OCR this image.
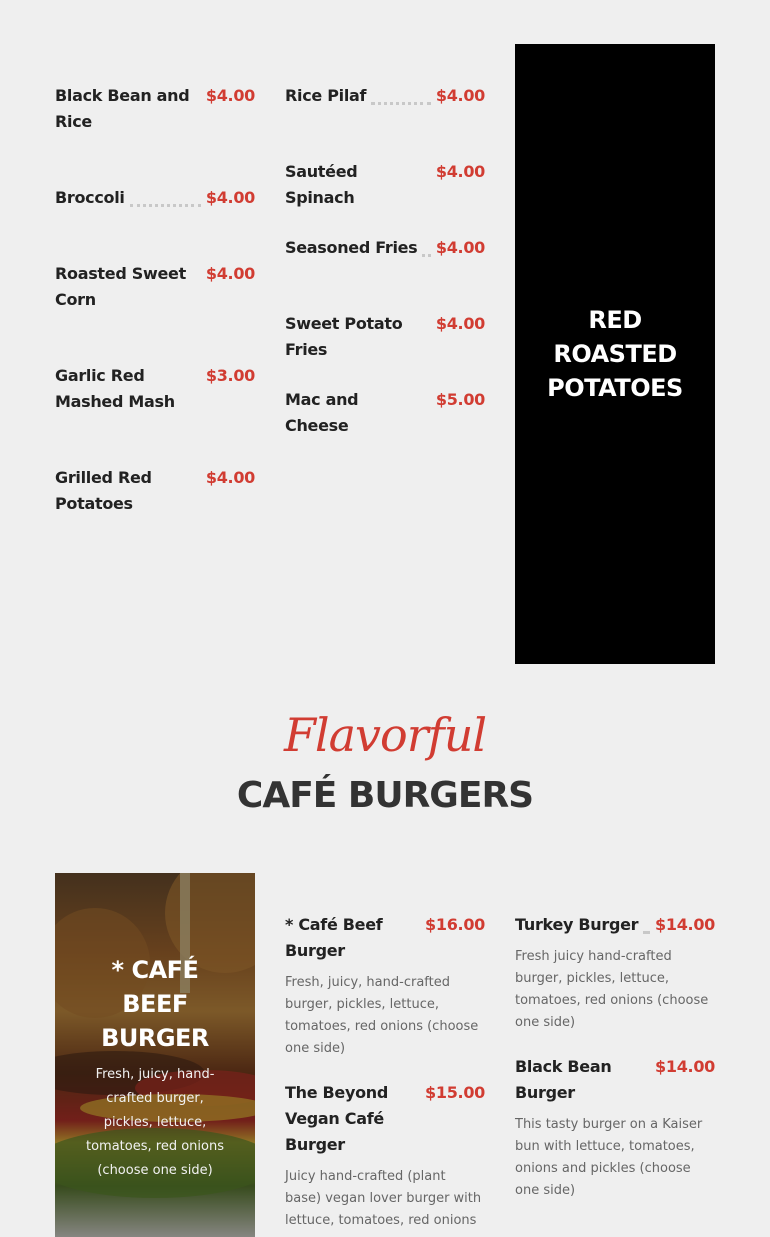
Black Bean and Rice
$4.00
Broccoli	$4.00
Roasted Sweet Corn
$4.00
Garlic Red Mashed Mash
$3.00
Grilled Red Potatoes
$4.00
Rice Pilaf	$4.00
Sautéed Spinach
$4.00
Seasoned Fries $4.00
Sweet Potato Fries
$4.00
Mac and Cheese
$5.00
RED ROASTED POTATOES
Flavorful
CAFÉ BURGERS
* CAFÉ BEEF BURGER
Fresh, juicy, hand-crafted burger, pickles, lettuce, tomatoes, red onions (choose one side)
* Café Beef Burger
$16.00
Fresh, juicy, hand-crafted burger, pickles, lettuce, tomatoes, red onions (choose one side)
The Beyond Vegan Café Burger
$15.00
Juicy hand-crafted (plant base) vegan lover burger with lettuce, tomatoes, red onions
Turkey Burger $14.00
Fresh juicy hand-crafted burger, pickles, lettuce, tomatoes, red onions (choose one side)
Black Bean Burger
$14.00
This tasty burger on a Kaiser bun with lettuce, tomatoes, onions and pickles (choose one side)
